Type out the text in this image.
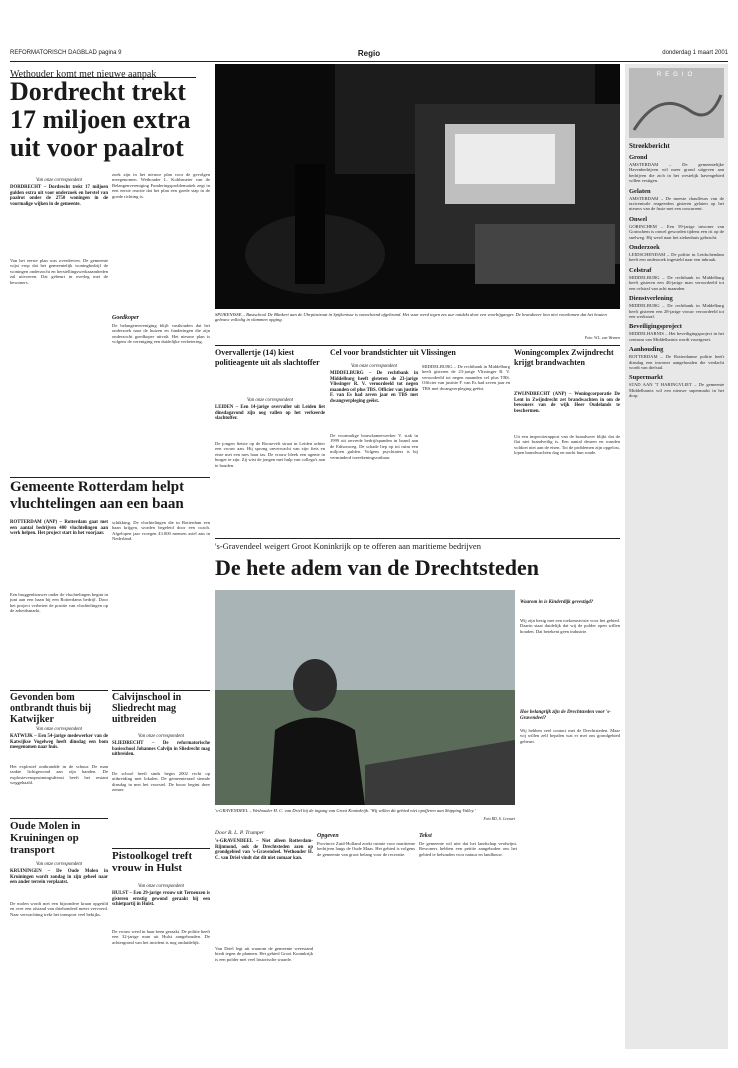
REFORMATORISCH DAGBLAD pagina 9	Regio	donderdag 1 maart 2001
Wethouder komt met nieuwe aanpak
Dordrecht trekt 17 miljoen extra uit voor paalrot
Van onze correspondent
DORDRECHT – Dordrecht trekt 17 miljoen gulden extra uit voor onderzoek en herstel van paalrot onder de 2750 woningen in de voormalige wijken in de gemeente.
Van het eerste plan was overdreven. De gemeente wijst erop dat het gemeentelijk woningbedrijf de woningen onderzocht en herstellingswerkzaamheden zal uitvoeren. Dat gebeurt in overleg met de bewoners.
zoek zijn in het nieuwe plan voor de gevolgen meegenomen. Wethouder L. Kohlsmeier van de Belangenvereniging Funderingsproblematiek zegt in een eerste reactie dat het plan een goede stap in de goede richting is.
Goedkoper
De belangenvereniging blijft vasthouden dat het onderzoek naar de huizen en funderingen die zijn onderzocht goedkoper uitvalt. Het nieuwe plan is volgens de vereniging een duidelijke verbetering.
SPIJKENISSE – Basischool De Blinkert aan de Uhrpinstraat in Spijkenisse is vanochtend afgebrand. Het vuur werd tegen zes uur ontdekt door een voorbijganger. De brandweer kon niet voorkomen dat het houten gebouw volledig in vlammen opging.
Foto: W.L. van Weenen
Overvallertje (14) kiest politieagente uit als slachtoffer
Van onze correspondent
LEIDEN – Een 14-jarige overvaller uit Leiden liet dinsdagavond zijn oog vallen op het verkeerde slachtoffer.
De jongen fietste op de Roosevelt straat in Leiden achter een vrouw aan. Hij sprong onverwacht van zijn fiets en eiste met een mes haar tas. De vrouw bleek een agente in burger te zijn. Zij wist de jongen met hulp van collega's aan te houden.
Cel voor brandstichter uit Vlissingen
Van onze correspondent
MIDDELBURG – De rechtbank in Middelburg heeft gisteren de 23-jarige Vlissinger R. V. veroordeeld tot negen maanden cel plus TBS. Officier van justitie F. van Es had zeven jaar en TBS met dwangverpleging geëist.
De voormalige bouwkamerwerker V. stak in 1999 uit onvrede bedrijfspanden in brand aan de Edisonweg. De schade liep op tot ruim een miljoen gulden. Volgens psychiaters is hij verminderd toerekeningsvatbaar.
MIDDELBURG – De rechtbank in Middelburg heeft gisteren de 23-jarige Vlissinger R. V. veroordeeld tot negen maanden cel plus TBS. Officier van justitie F. van Es had zeven jaar en TBS met dwangverpleging geëist.
Woningcomplex Zwijndrecht krijgt brandwachten
ZWIJNDRECHT (ANP) – Woningcorporatie De Lent in Zwijndrecht zet brandwachten in om de bewoners van de wijk Heer Oudelands te beschermen.
Uit een inspectierapport van de brandweer blijkt dat de flat niet brandveilig is. Een aantal deuren en wanden voldoet niet aan de eisen. Tot de problemen zijn opgelost, lopen brandwachten dag en nacht hun ronde.
Gemeente Rotterdam helpt vluchtelingen aan een baan
ROTTERDAM (ANP) – Rotterdam gaat met een aantal bedrijven 400 vluchtelingen aan werk helpen. Het project start in het voorjaar.
Een bruggenbouwer onder de vluchtelingen begint in juni aan een baan bij een Rotterdams bedrijf. Door het project verbetert de positie van vluchtelingen op de arbeidsmarkt.
schikking. De vluchtelingen die in Rotterdam een baan krijgen, worden begeleid door een coach. Afgelopen jaar vroegen 43.000 mensen asiel aan in Nederland.
Gevonden bom ontbrandt thuis bij Katwijker
Van onze correspondent
KATWIJK – Een 54-jarige medewerker van de Katwijkse Vogelweg heeft dinsdag een bom meegenomen naar huis.
Het explosief ontbrandde in de schuur. De man raakte lichtgewond aan zijn handen. De explosievenopruimingsdienst heeft het restant weggehaald.
Calvijnschool in Sliedrecht mag uitbreiden
Van onze correspondent
SLIEDRECHT – De reformatorische basisschool Johannes Calvijn in Sliedrecht mag uitbreiden.
De school heeft sinds begin 2002 recht op uitbreiding met lokalen. De gemeenteraad stemde dinsdag in met het voorstel. De bouw begint deze zomer.
Oude Molen in Kruiningen op transport
Van onze correspondent
KRUININGEN – De Oude Molen in Kruiningen wordt zondag in zijn geheel naar een ander terrein verplaatst.
De molen wordt met een bijzondere kraan opgetild en over een afstand van driehonderd meter vervoerd. Naar verwachting trekt het transport veel bekijks.
Pistoolkogel treft vrouw in Hulst
Van onze correspondent
HULST – Een 29-jarige vrouw uit Terneuzen is gisteren ernstig gewond geraakt bij een schietpartij in Hulst.
De vrouw werd in haar been geraakt. De politie heeft een 32-jarige man uit Hulst aangehouden. De achtergrond van het incident is nog onduidelijk.
's-Gravendeel weigert Groot Koninkrijk op te offeren aan maritieme bedrijven
De hete adem van de Drechtsteden
's-GRAVENDEEL – Wethouder H. C. van Driel bij de ingang van Groot Koninkrijk. 'Wij willen dit gebied niet opofferen aan Shipping Valley.'
Foto RD, Ji. Leenart
Door B. L. P. Trumper
's-GRAVENDEEL – Niet alleen Rotterdam-Rijnmond, ook de Drechtsteden azen op grondgebied van 's-Gravendeel. Wethouder H. C. van Driel vindt dat dit niet zomaar kan.
Van Driel legt uit waarom de gemeente weerstand biedt tegen de plannen. Het gebied Groot Koninkrijk is een polder met veel historische waarde.
Opgeven
Provincie Zuid-Holland zoekt ruimte voor maritieme bedrijven langs de Oude Maas. Het gebied is volgens de gemeente van groot belang voor de recreatie.
Tekst
De gemeente wil niet dat het landschap verdwijnt. Bewoners hebben een petitie aangeboden om het gebied te behouden voor natuur en landbouw.
Waarom in is Kinderdijk gevestigd?
Wij zijn bezig met een toekomstvisie voor het gebied. Daarin staat duidelijk dat wij de polder open willen houden. Dat betekent geen industrie.
Hoe belangrijk zijn de Drechtsteden voor 's-Gravendeel?
Wij hebben veel contact met de Drechtsteden. Maar wij willen zelf bepalen wat er met ons grondgebied gebeurt.
REGIO
Streekbericht
Grond
AMSTERDAM – De gemeentelijke Havenbedrijven wil meer grond uitgeven aan bedrijven die zich in het westelijk havengebied willen vestigen.
Gelaten
AMSTERDAM – De meeste chauffeurs van de taxicentrale reageerden gisteren gelaten op het nieuws van de fusie met een concurrent.
Onwel
GORINCHEM – Een 59-jarige inwoner van Gorinchem is onwel geworden tijdens een rit op de snelweg. Hij werd naar het ziekenhuis gebracht.
Onderzoek
LEIDSCHENDAM – De politie in Leidschendam heeft een onderzoek ingesteld naar een inbraak.
Celstraf
MIDDELBURG – De rechtbank in Middelburg heeft gisteren een 46-jarige man veroordeeld tot een celstraf van acht maanden.
Dienstverlening
MIDDELBURG – De rechtbank in Middelburg heeft gisteren een 28-jarige vrouw veroordeeld tot een werkstraf.
Beveiligingsproject
MIDDELHARNIS – Het beveiligingsproject in het centrum van Middelharnis wordt voortgezet.
Aanhouding
ROTTERDAM – De Rotterdamse politie heeft dinsdag een inwoner aangehouden die verdacht wordt van diefstal.
Supermarkt
STAD AAN 'T HARINGVLIET – De gemeente Middelharnis wil een nieuwe supermarkt in het dorp.
